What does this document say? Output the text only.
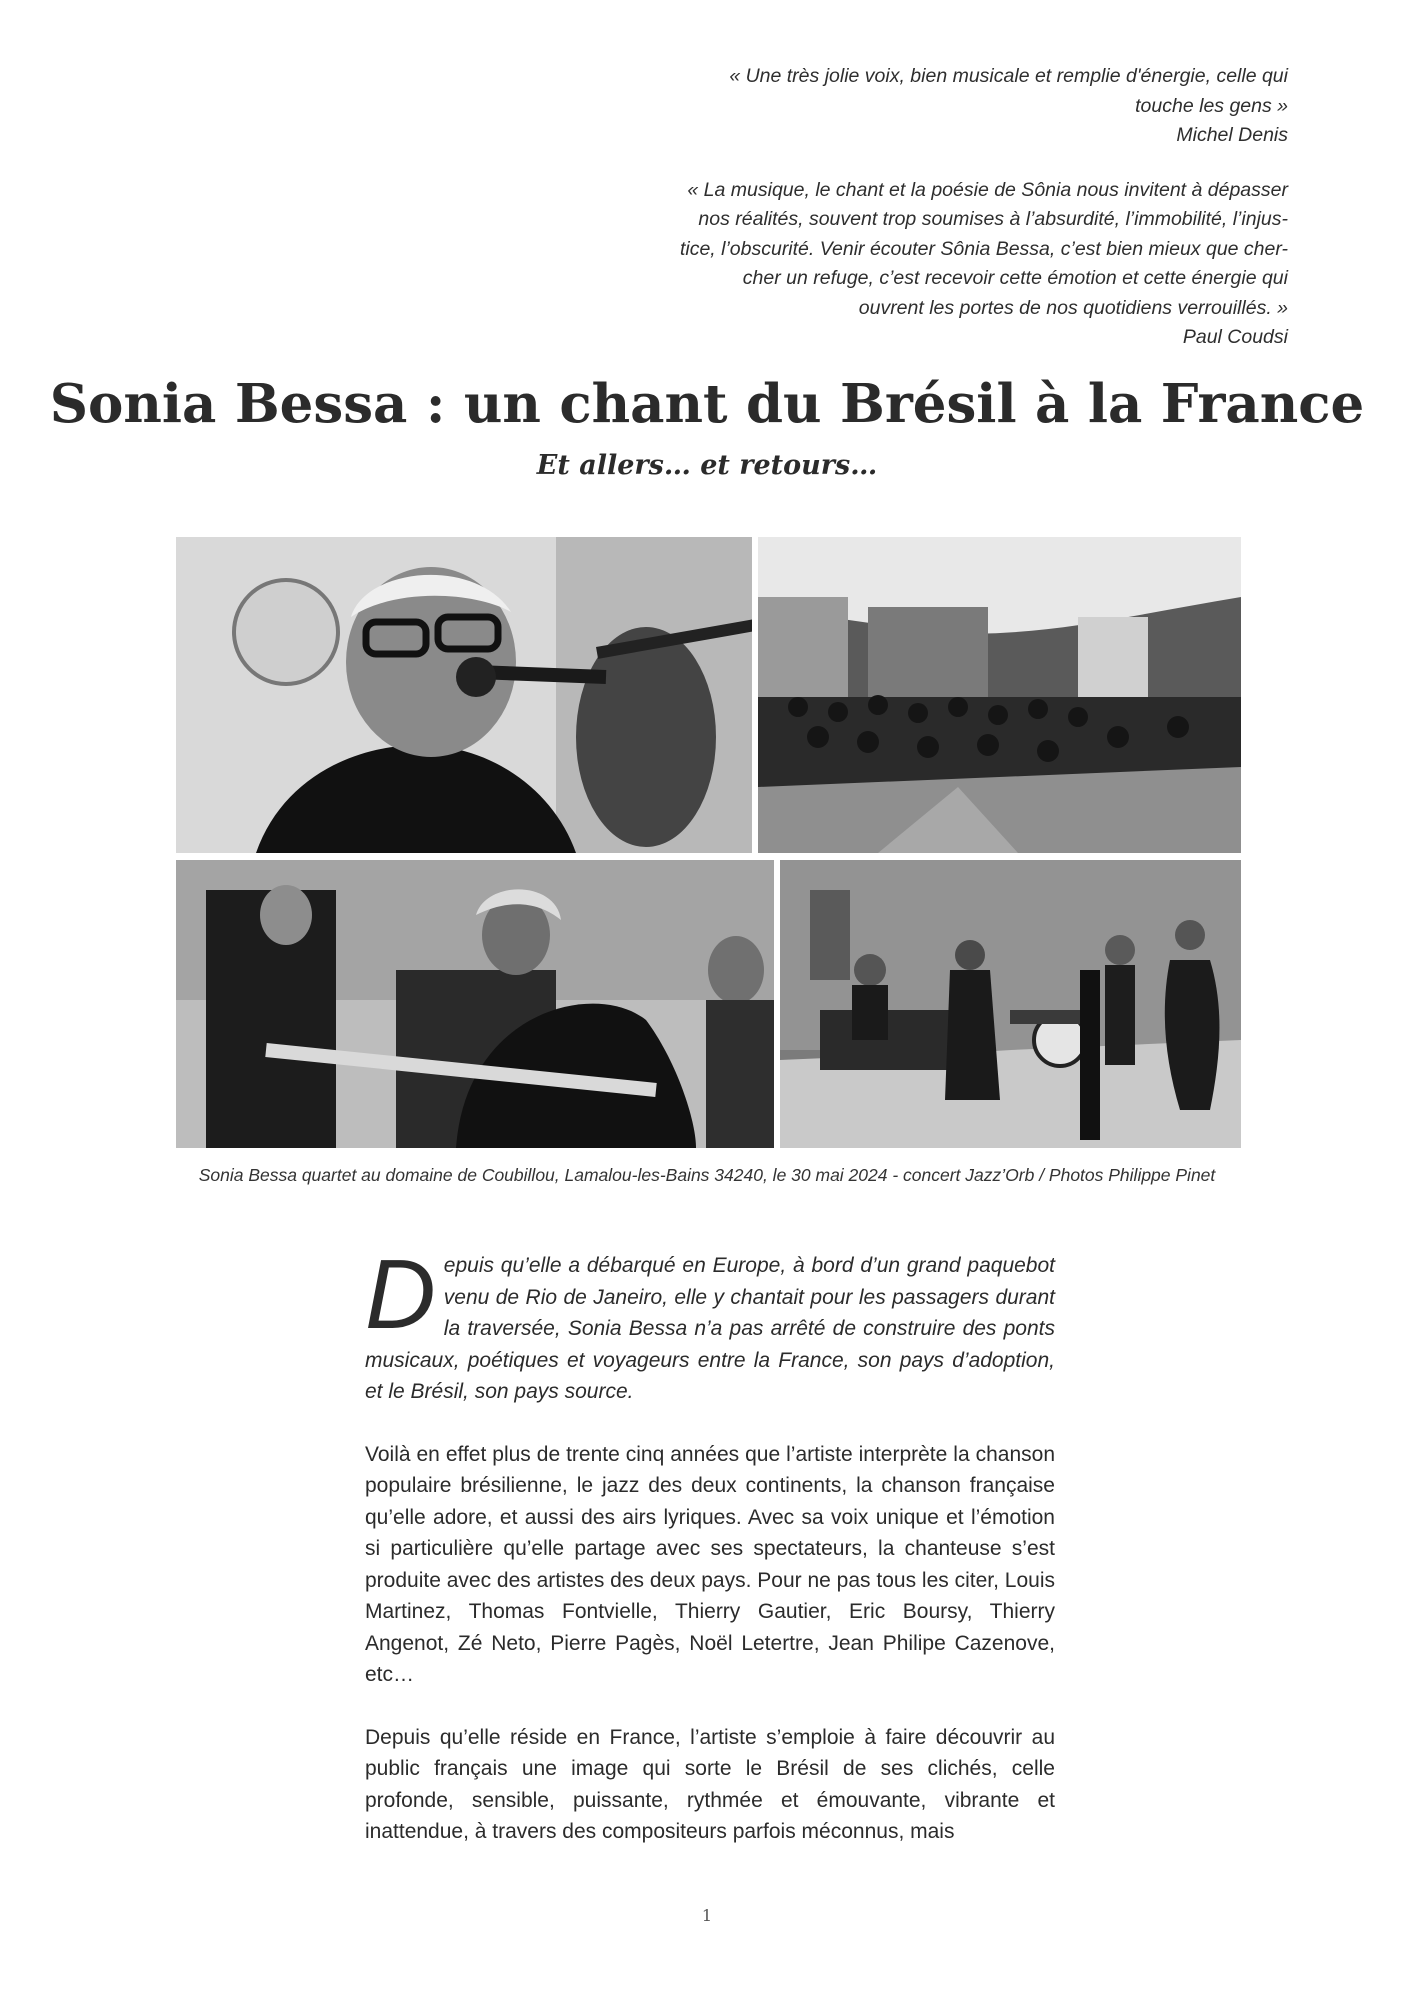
« Une très jolie voix, bien musicale et remplie d'énergie, celle qui
touche les gens »
Michel Denis
« La musique, le chant et la poésie de Sônia nous invitent à dépasser
nos réalités, souvent trop soumises à l’absurdité, l’immobilité, l’injus-
tice, l’obscurité. Venir écouter Sônia Bessa, c’est bien mieux que cher-
cher un refuge, c’est recevoir cette émotion et cette énergie qui
ouvrent les portes de nos quotidiens verrouillés. »
Paul Coudsi
Sonia Bessa : un chant du Brésil à la France
Et allers… et retours…
Sonia Bessa quartet au domaine de Coubillou, Lamalou-les-Bains 34240, le 30 mai 2024 - concert Jazz’Orb / Photos Philippe Pinet

Depuis qu’elle a débarqué en Europe, à bord d’un grand paquebot venu de Rio de Janeiro, elle y chantait pour les passagers durant la traversée, Sonia Bessa n’a pas arrêté de construire des ponts musicaux, poétiques et voyageurs entre la France, son pays d’adoption, et le Brésil, son pays source.

Voilà en effet plus de trente cinq années que l’artiste interprète la chanson populaire brésilienne, le jazz des deux continents, la chanson française qu’elle adore, et aussi des airs lyriques. Avec sa voix unique et l’émotion si particulière qu’elle partage avec ses spectateurs, la chanteuse s’est produite avec des artistes des deux pays. Pour ne pas tous les citer, Louis Martinez, Thomas Fontvielle, Thierry Gautier, Eric Boursy, Thierry Angenot, Zé Neto, Pierre Pagès, Noël Letertre, Jean Philipe Cazenove, etc…

Depuis qu’elle réside en France, l’artiste s’emploie à faire découvrir au public français une image qui sorte le Brésil de ses clichés, celle profonde, sensible, puissante, rythmée et émouvante, vibrante et inattendue, à travers des compositeurs parfois méconnus, mais

1
